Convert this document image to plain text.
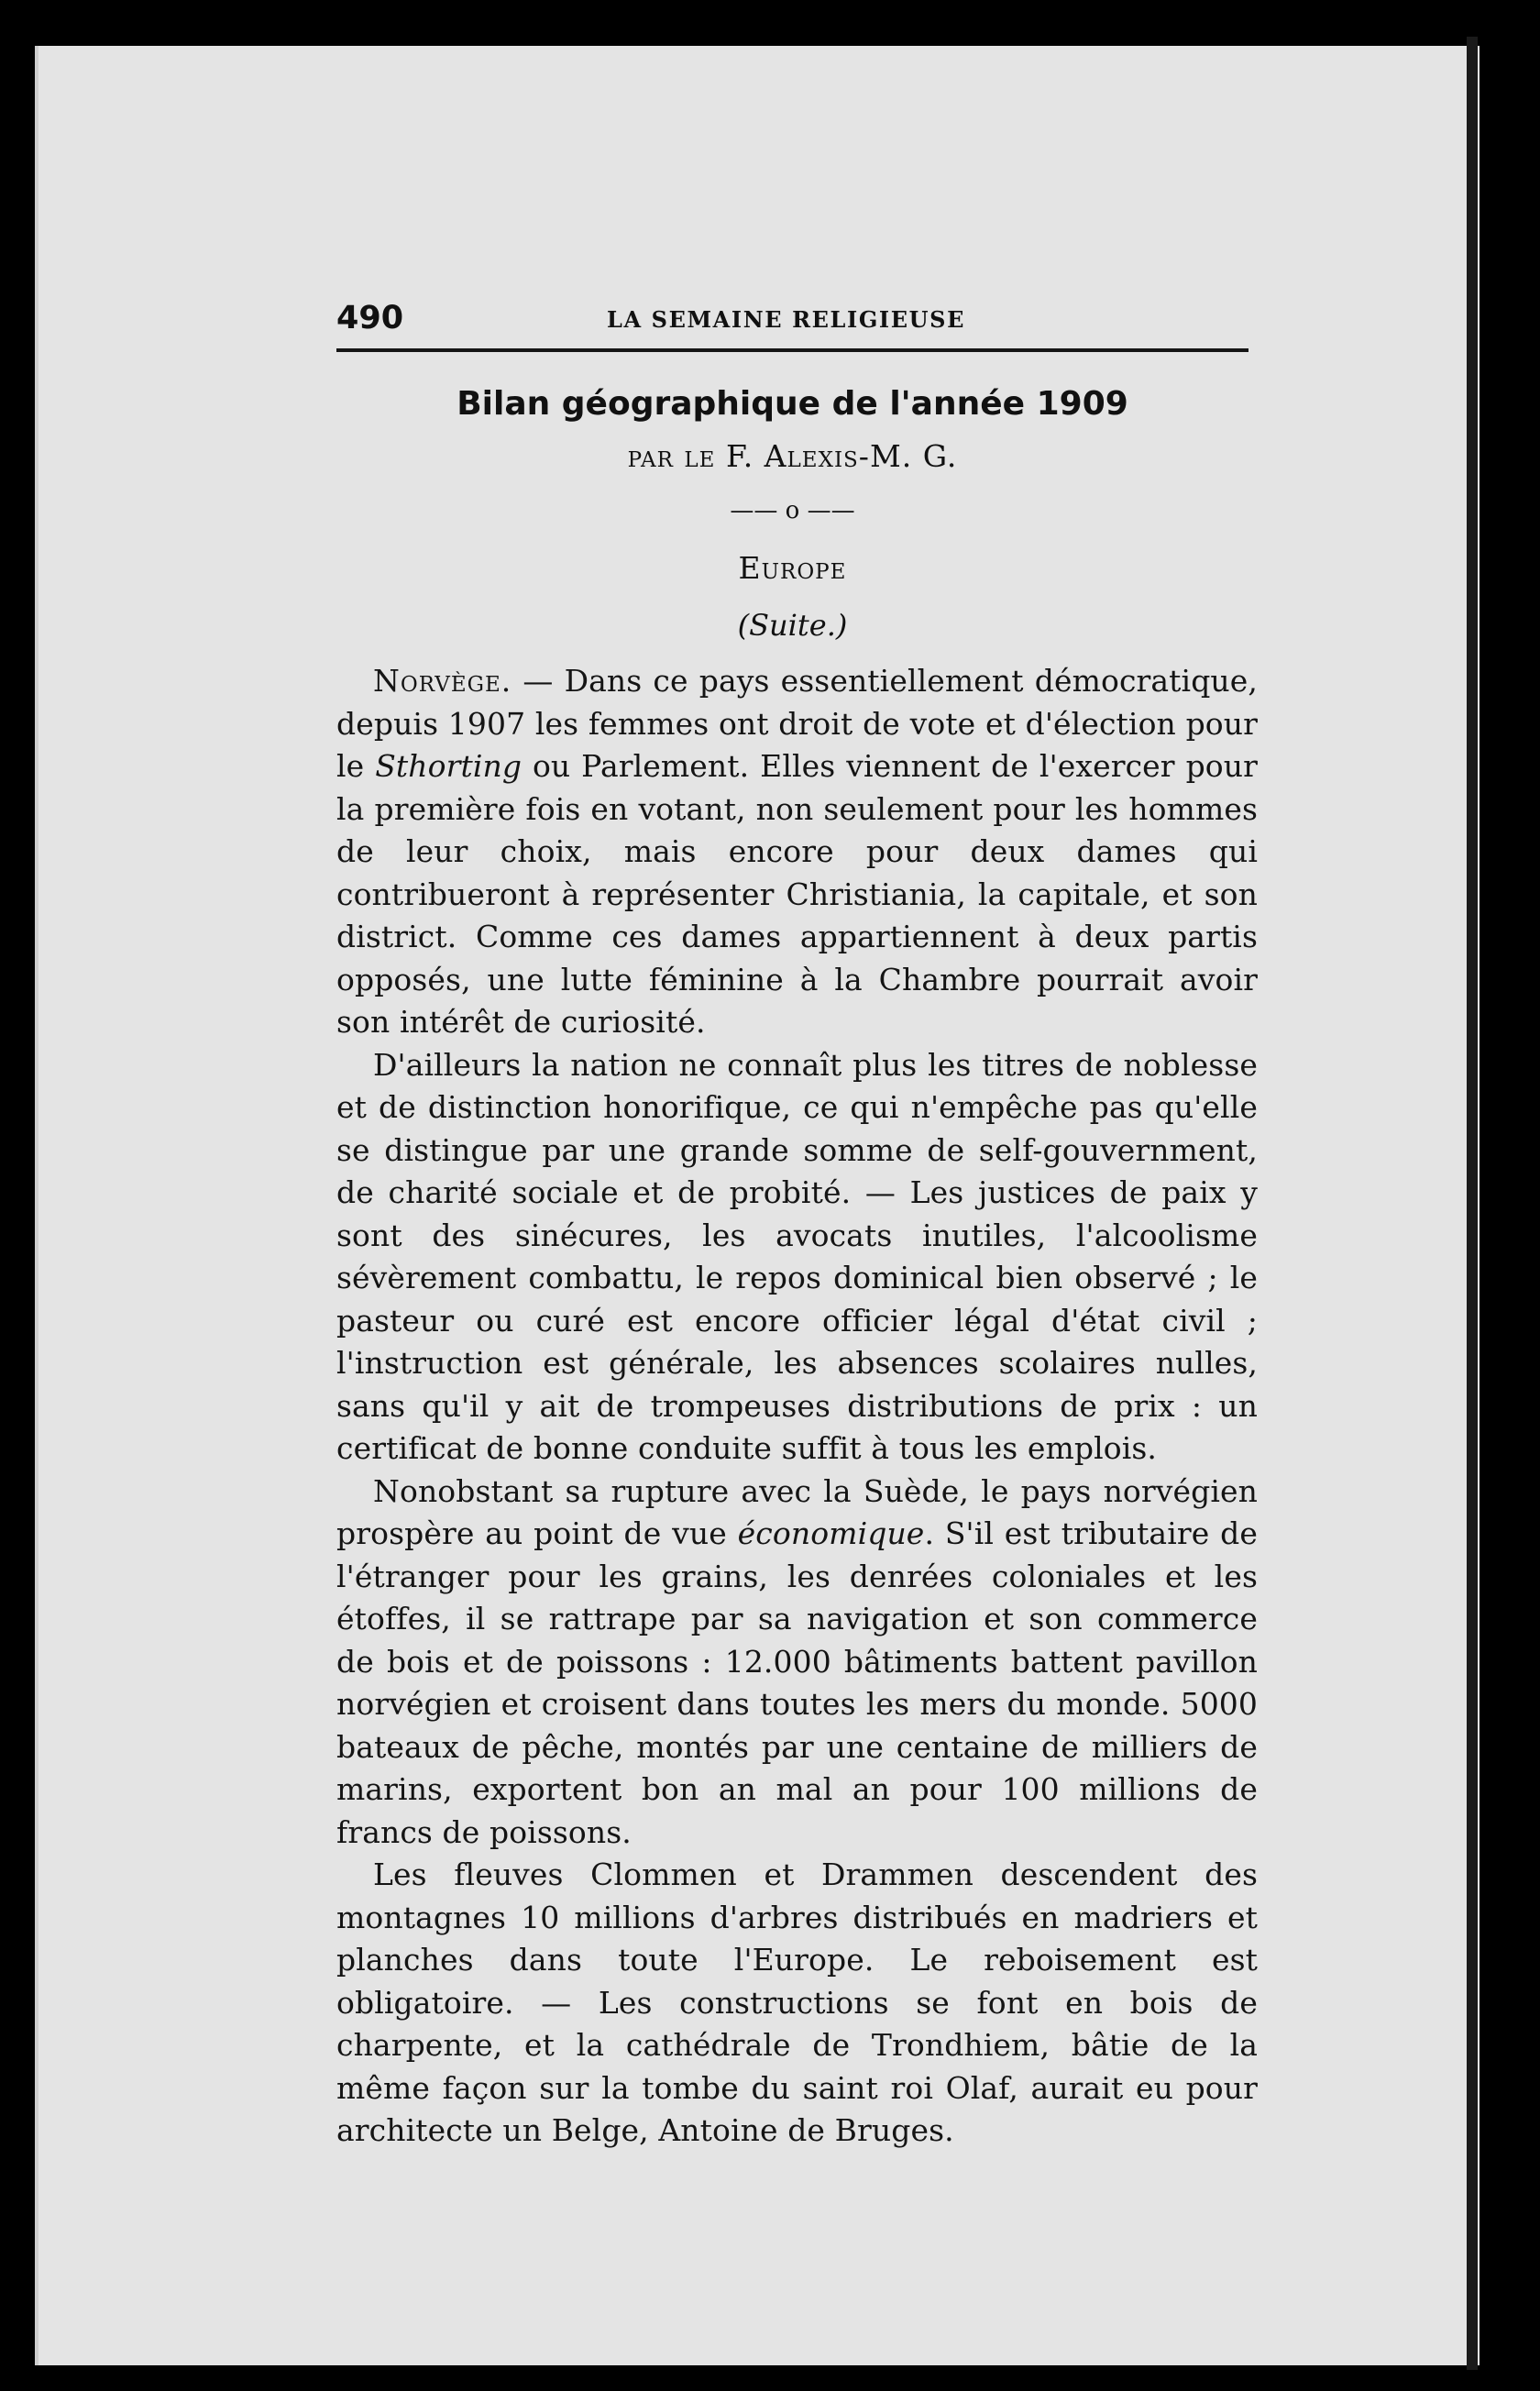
490	LA SEMAINE RELIGIEUSE
Bilan géographique de l'année 1909
par le F. Alexis-M. G.
—— o ——
Europe
(Suite.)

Norvège. — Dans ce pays essentiellement démocratique, depuis 1907 les femmes ont droit de vote et d'élection pour le Sthorting ou Parlement. Elles viennent de l'exercer pour la première fois en votant, non seulement pour les hommes de leur choix, mais encore pour deux dames qui contribueront à représenter Christiania, la capitale, et son district. Comme ces dames appartiennent à deux partis opposés, une lutte féminine à la Chambre pourrait avoir son intérêt de curiosité.

D'ailleurs la nation ne connaît plus les titres de noblesse et de distinction honorifique, ce qui n'empêche pas qu'elle se distingue par une grande somme de self-gouvernment, de charité sociale et de probité. — Les justices de paix y sont des sinécures, les avocats inutiles, l'alcoolisme sévèrement combattu, le repos dominical bien observé ; le pasteur ou curé est encore officier légal d'état civil ; l'instruction est générale, les absences scolaires nulles, sans qu'il y ait de trompeuses distributions de prix : un certificat de bonne conduite suffit à tous les emplois.

Nonobstant sa rupture avec la Suède, le pays norvégien prospère au point de vue économique. S'il est tributaire de l'étranger pour les grains, les denrées coloniales et les étoffes, il se rattrape par sa navigation et son commerce de bois et de poissons : 12.000 bâtiments battent pavillon norvégien et croisent dans toutes les mers du monde. 5000 bateaux de pêche, montés par une centaine de milliers de marins, exportent bon an mal an pour 100 millions de francs de poissons.

Les fleuves Clommen et Drammen descendent des montagnes 10 millions d'arbres distribués en madriers et planches dans toute l'Europe. Le reboisement est obligatoire. — Les constructions se font en bois de charpente, et la cathédrale de Trondhiem, bâtie de la même façon sur la tombe du saint roi Olaf, aurait eu pour architecte un Belge, Antoine de Bruges.
